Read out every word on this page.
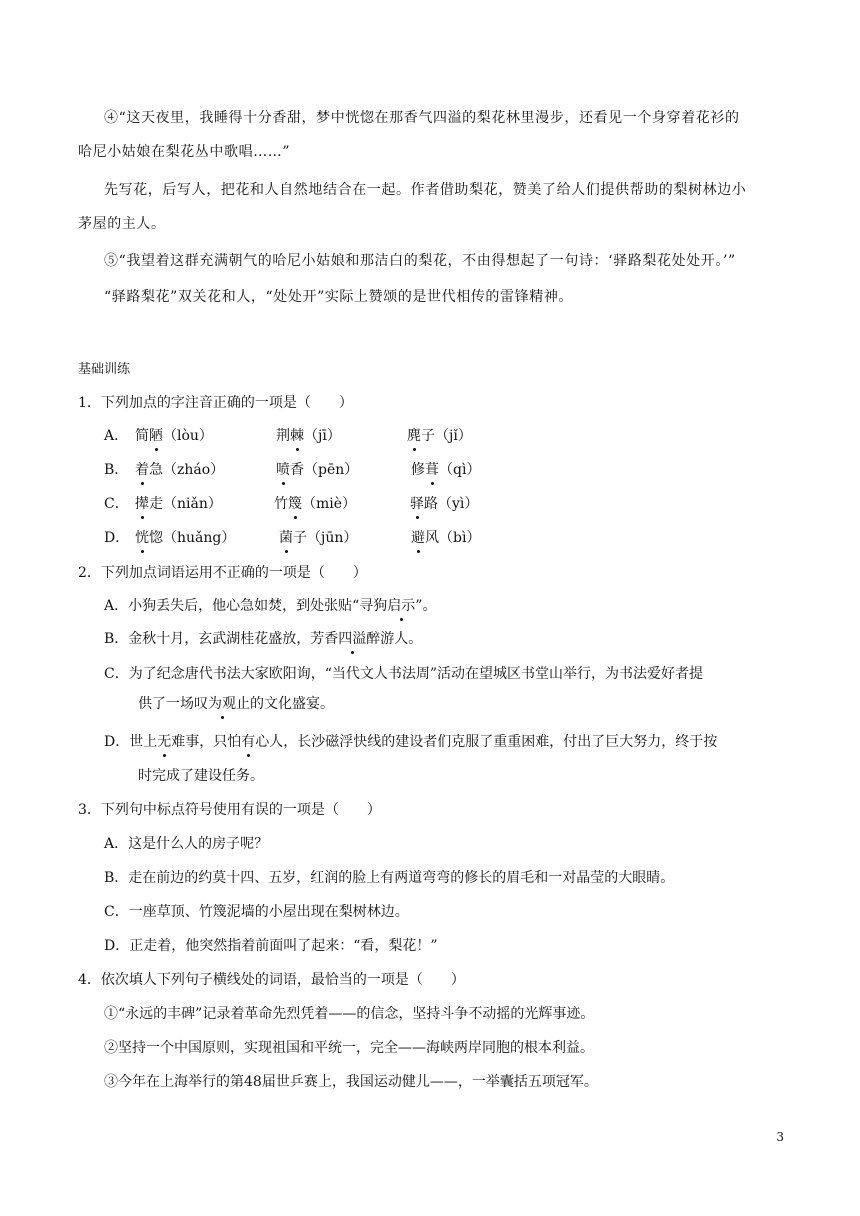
④“这天夜里，我睡得十分香甜，梦中恍惚在那香气四溢的梨花林里漫步，还看见一个身穿着花衫的
哈尼小姑娘在梨花丛中歌唱……”
先写花，后写人，把花和人自然地结合在一起。作者借助梨花，赞美了给人们提供帮助的梨树林边小
茅屋的主人。
⑤“我望着这群充满朝气的哈尼小姑娘和那洁白的梨花，不由得想起了一句诗：‘驿路梨花处处开。’”
“驿路梨花”双关花和人，“处处开”实际上赞颂的是世代相传的雷锋精神。
基础训练
1．下列加点的字注音正确的一项是（　　）
A． 简陋（lòu）	荆棘（jī）	麂子（jǐ）
B． 着急（zháo）	喷香（pēn）	修葺（qì）
C． 撵走（niǎn）	竹篾（miè）	驿路（yì）
D． 恍惚（huǎng）	菌子（jūn）	避风（bì）
2．下列加点词语运用不正确的一项是（　　）
A．小狗丢失后，他心急如焚，到处张贴“寻狗启示”。
B．金秋十月，玄武湖桂花盛放，芳香四溢醉游人。
C．为了纪念唐代书法大家欧阳询，“当代文人书法周”活动在望城区书堂山举行，为书法爱好者提
供了一场叹为观止的文化盛宴。
D．世上无难事，只怕有心人，长沙磁浮快线的建设者们克服了重重困难，付出了巨大努力，终于按
时完成了建设任务。
3．下列句中标点符号使用有误的一项是（　　）
A．这是什么人的房子呢？
B．走在前边的约莫十四、五岁，红润的脸上有两道弯弯的修长的眉毛和一对晶莹的大眼睛。
C．一座草顶、竹篾泥墙的小屋出现在梨树林边。
D．正走着，他突然指着前面叫了起来：“看，梨花！”
4．依次填人下列句子横线处的词语，最恰当的一项是（　　）
①“永远的丰碑”记录着革命先烈凭着——的信念，坚持斗争不动摇的光辉事迹。
②坚持一个中国原则，实现祖国和平统一，完全——海峡两岸同胞的根本利益。
③今年在上海举行的第48届世乒赛上，我国运动健儿——，一举囊括五项冠军。
3
